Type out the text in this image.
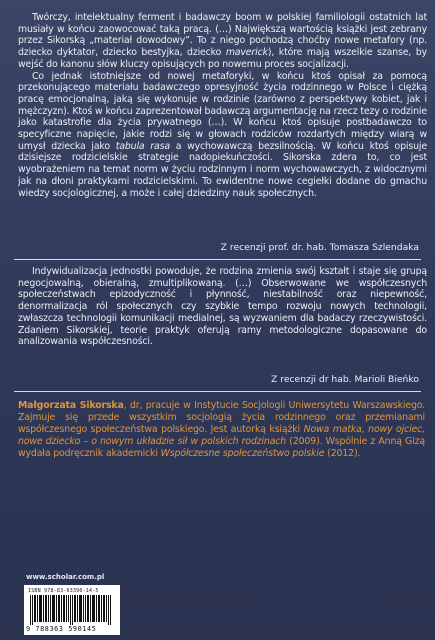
Twórczy, intelektualny ferment i badawczy boom w polskiej familiologii ostatnich lat musiały w końcu zaowocować taką pracą. (…) Największą wartością książki jest zebrany przez Sikorską „materiał dowodowy”. To z niego pochodzą choćby nowe metafory (np. dziecko dyktator, dziecko bestyjka, dziecko maverick), które mają wszelkie szanse, by wejść do kanonu słów kluczy opisujących po nowemu proces socjalizacji.

Co jednak istotniejsze od nowej metaforyki, w końcu ktoś opisał za pomocą przekonującego materiału badawczego opresyjność życia rodzinnego w Polsce i ciężką pracę emocjonalną, jaką się wykonuje w rodzinie (zarówno z perspektywy kobiet, jak i mężczyzn). Ktoś w końcu zaprezentował badawczą argumentację na rzecz tezy o rodzinie jako katastrofie dla życia prywatnego (…). W końcu ktoś opisuje postbadawczo to specyficzne napięcie, jakie rodzi się w głowach rodziców rozdartych między wiarą w umysł dziecka jako tabula rasa a wychowawczą bezsilnością. W końcu ktoś opisuje dzisiejsze rodzicielskie strategie nadopiekuńczości. Sikorska zdera to, co jest wyobrażeniem na temat norm w życiu rodzinnym i norm wychowawczych, z widocznymi jak na dłoni praktykami rodzicielskimi. To ewidentne nowe cegiełki dodane do gmachu wiedzy socjologicznej, a może i całej dziedziny nauk społecznych.

Z recenzji prof. dr. hab. Tomasza Szlendaka

Indywidualizacja jednostki powoduje, że rodzina zmienia swój kształt i staje się grupą negocjowalną, obieralną, zmultiplikowaną. (…) Obserwowane we współczesnych społeczeństwach epizodyczność i płynność, niestabilność oraz niepewność, denormalizacja ról społecznych czy szybkie tempo rozwoju nowych technologii, zwłaszcza technologii komunikacji medialnej, są wyzwaniem dla badaczy rzeczywistości. Zdaniem Sikorskiej, teorie praktyk oferują ramy metodologiczne dopasowane do analizowania współczesności.

Z recenzji dr hab. Marioli Bieńko

Małgorzata Sikorska, dr, pracuje w Instytucie Socjologii Uniwersytetu Warszawskiego. Zajmuje się przede wszystkim socjologią życia rodzinnego oraz przemianami współczesnego społeczeństwa polskiego. Jest autorką książki Nowa matka, nowy ojciec, nowe dziecko – o nowym układzie sił w polskich rodzinach (2009). Wspólnie z Anną Gizą wydała podręcznik akademicki Współczesne społeczeństwo polskie (2012).

www.scholar.com.pl
ISBN 978-83-63390-14-5
9 788363 590145
